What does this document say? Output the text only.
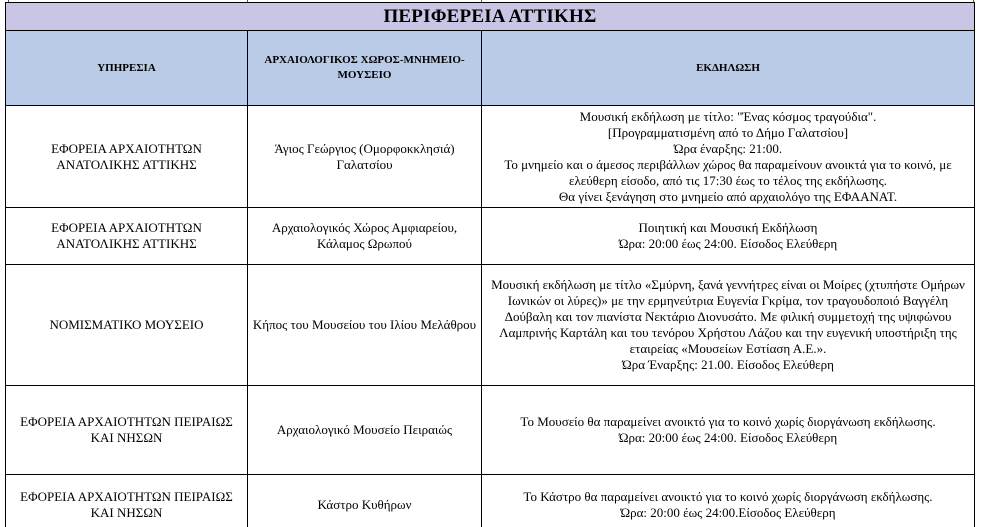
ΠΕΡΙΦΕΡΕΙΑ ΑΤΤΙΚΗΣ		
ΥΠΗΡΕΣΙΑ	ΑΡΧΑΙΟΛΟΓΙΚΟΣ ΧΩΡΟΣ-ΜΝΗΜΕΙΟ-ΜΟΥΣΕΙΟ	ΕΚΔΗΛΩΣΗ
ΕΦΟΡΕΙΑ ΑΡΧΑΙΟΤΗΤΩΝ ΑΝΑΤΟΛΙΚΗΣ ΑΤΤΙΚΗΣ	Άγιος Γεώργιος (Ομορφοκκλησιά) Γαλατσίου	Μουσική εκδήλωση με τίτλο: "Ένας κόσμος τραγούδια".
[Προγραμματισμένη από το Δήμο Γαλατσίου]
Ώρα έναρξης: 21:00.
Το μνημείο και ο άμεσος περιβάλλων χώρος θα παραμείνουν ανοικτά για το κοινό, με ελεύθερη είσοδο, από τις 17:30 έως το τέλος της εκδήλωσης.
Θα γίνει ξενάγηση στο μνημείο από αρχαιολόγο της ΕΦΑΑΝΑΤ.

ΕΦΟΡΕΙΑ ΑΡΧΑΙΟΤΗΤΩΝ ΑΝΑΤΟΛΙΚΗΣ ΑΤΤΙΚΗΣ	Αρχαιολογικός Χώρος Αμφιαρείου, Κάλαμος Ωρωπού	Ποιητική και Μουσική Εκδήλωση
Ώρα: 20:00 έως 24:00. Είσοδος Ελεύθερη

ΝΟΜΙΣΜΑΤΙΚΟ ΜΟΥΣΕΙΟ	Κήπος του Μουσείου του Ιλίου Μελάθρου	Μουσική εκδήλωση με τίτλο «Σμύρνη, ξανά γεννήτρες είναι οι Μοίρες (χτυπήστε Ομήρων Ιωνικών οι λύρες)» με την ερμηνεύτρια Ευγενία Γκρίμα, τον τραγουδοποιό Βαγγέλη Δούβαλη και τον πιανίστα Νεκτάριο Διονυσάτο. Με φιλική συμμετοχή της υψιφώνου Λαμπρινής Καρτάλη και του τενόρου Χρήστου Λάζου και την ευγενική υποστήριξη της εταιρείας «Μουσείων Εστίαση Α.Ε.».
Ώρα Έναρξης: 21.00. Είσοδος Ελεύθερη

ΕΦΟΡΕΙΑ ΑΡΧΑΙΟΤΗΤΩΝ ΠΕΙΡΑΙΩΣ ΚΑΙ ΝΗΣΩΝ	Αρχαιολογικό Μουσείο Πειραιώς	Το Μουσείο θα παραμείνει ανοικτό για το κοινό χωρίς διοργάνωση εκδήλωσης.
Ώρα: 20:00 έως 24:00. Είσοδος Ελεύθερη

ΕΦΟΡΕΙΑ ΑΡΧΑΙΟΤΗΤΩΝ ΠΕΙΡΑΙΩΣ ΚΑΙ ΝΗΣΩΝ	Κάστρο Κυθήρων	Το Κάστρο θα παραμείνει ανοικτό για το κοινό χωρίς διοργάνωση εκδήλωσης.
Ώρα: 20:00 έως 24:00.Είσοδος Ελεύθερη
